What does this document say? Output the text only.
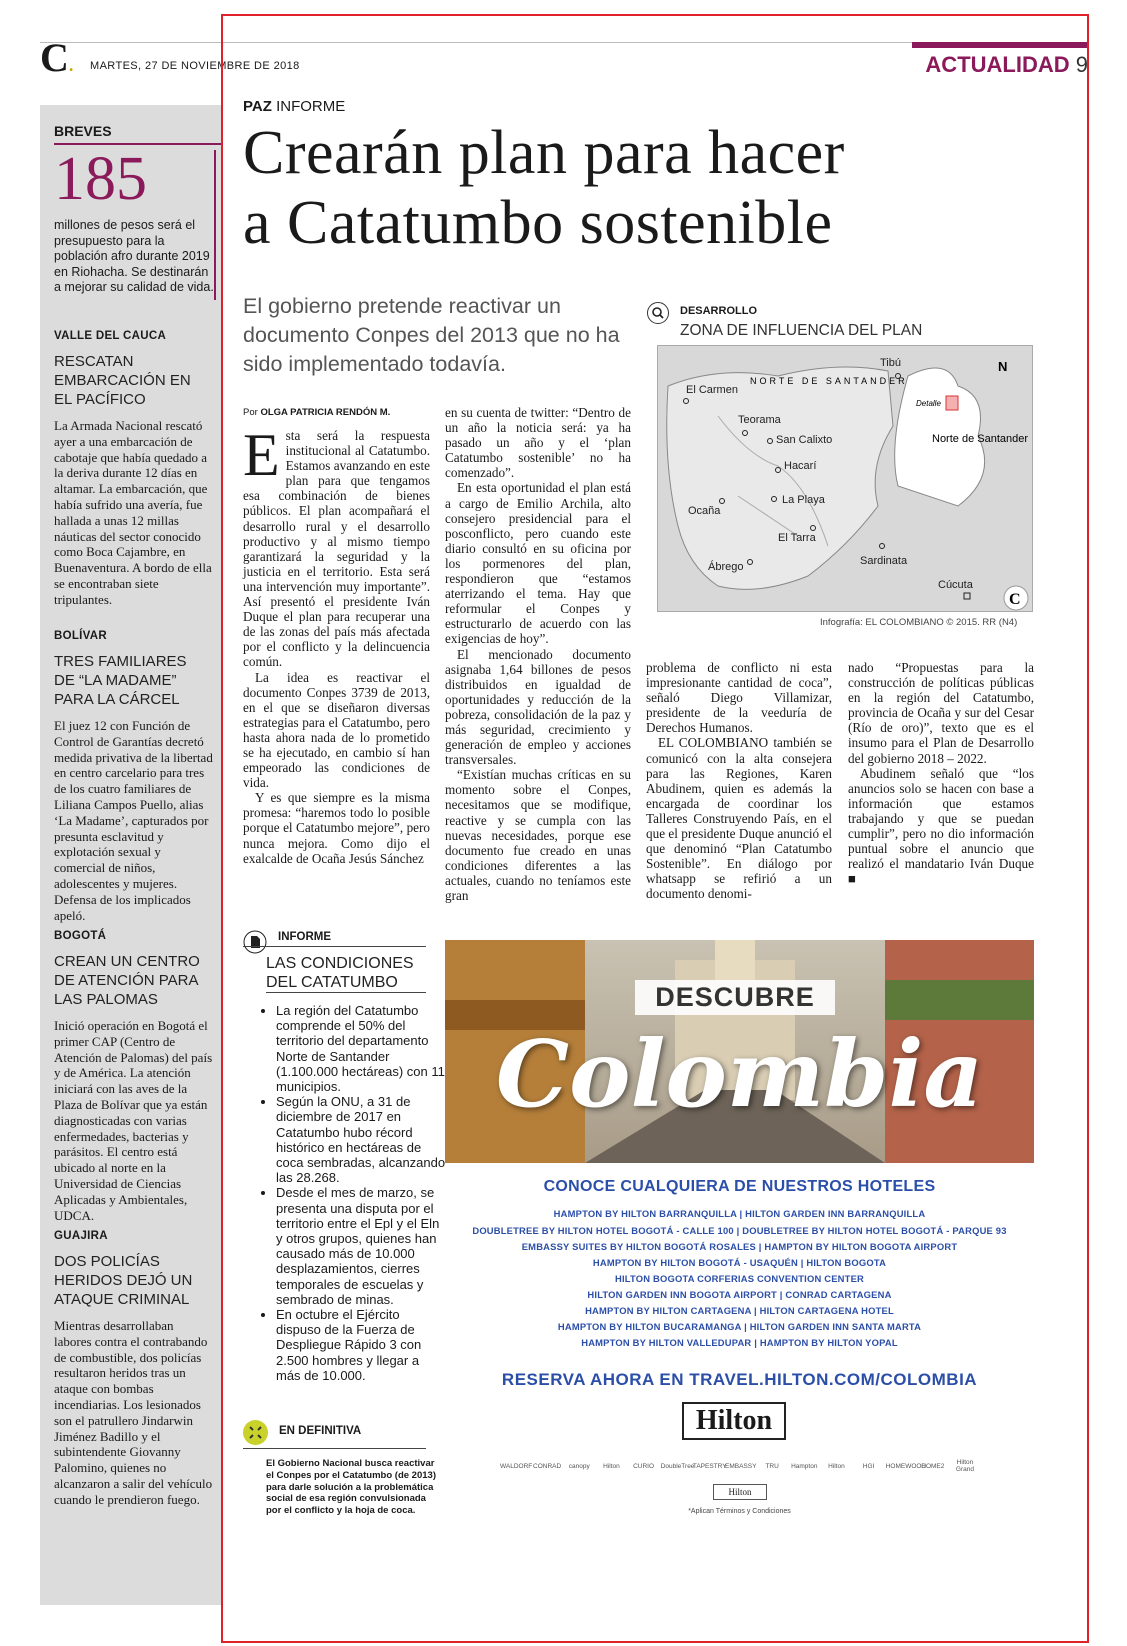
C. MARTES, 27 DE NOVIEMBRE DE 2018	ACTUALIDAD 9
BREVES
185
millones de pesos será el presupuesto para la población afro durante 2019 en Riohacha. Se destinarán a mejorar su calidad de vida.
VALLE DEL CAUCA
RESCATAN EMBARCACIÓN EN EL PACÍFICO
La Armada Nacional rescató ayer a una embarcación de cabotaje que había quedado a la deriva durante 12 días en altamar. La embarcación, que había sufrido una avería, fue hallada a unas 12 millas náuticas del sector conocido como Boca Cajambre, en Buenaventura. A bordo de ella se encontraban siete tripulantes.
BOLÍVAR
TRES FAMILIARES DE “LA MADAME” PARA LA CÁRCEL
El juez 12 con Función de Control de Garantías decretó medida privativa de la libertad en centro carcelario para tres de los cuatro familiares de Liliana Campos Puello, alias ‘La Madame’, capturados por presunta esclavitud y explotación sexual y comercial de niños, adolescentes y mujeres. Defensa de los implicados apeló.
BOGOTÁ
CREAN UN CENTRO DE ATENCIÓN PARA LAS PALOMAS
Inició operación en Bogotá el primer CAP (Centro de Atención de Palomas) del país y de América. La atención iniciará con las aves de la Plaza de Bolívar que ya están diagnosticadas con varias enfermedades, bacterias y parásitos. El centro está ubicado al norte en la Universidad de Ciencias Aplicadas y Ambientales, UDCA.
GUAJIRA
DOS POLICÍAS HERIDOS DEJÓ UN ATAQUE CRIMINAL
Mientras desarrollaban labores contra el contrabando de combustible, dos policías resultaron heridos tras un ataque con bombas incendiarias. Los lesionados son el patrullero Jindarwin Jiménez Badillo y el subintendente Giovanny Palomino, quienes no alcanzaron a salir del vehículo cuando le prendieron fuego.
PAZ INFORME
Crearán plan para hacer
a Catatumbo sostenible
El gobierno pretende reactivar un documento Conpes del 2013 que no ha sido implementado todavía.
Por OLGA PATRICIA RENDÓN M.

Esta será la respuesta institucional al Catatumbo. Estamos avanzando en este plan para que tengamos esa combinación de bienes públicos. El plan acompañará el desarrollo rural y el desarrollo productivo y al mismo tiempo garantizará la seguridad y la justicia en el territorio. Esta será una intervención muy importante”. Así presentó el presidente Iván Duque el plan para recuperar una de las zonas del país más afectada por el conflicto y la delincuencia común.

La idea es reactivar el documento Conpes 3739 de 2013, en el que se diseñaron diversas estrategias para el Catatumbo, pero hasta ahora nada de lo prometido se ha ejecutado, en cambio sí han empeorado las condiciones de vida.

Y es que siempre es la misma promesa: “haremos todo lo posible porque el Catatumbo mejore”, pero nunca mejora. Como dijo el exalcalde de Ocaña Jesús Sánchez

en su cuenta de twitter: “Dentro de un año la noticia será: ya ha pasado un año y el ‘plan Catatumbo sostenible’ no ha comenzado”.

En esta oportunidad el plan está a cargo de Emilio Archila, alto consejero presidencial para el posconflicto, pero cuando este diario consultó en su oficina por los pormenores del plan, respondieron que “estamos aterrizando el tema. Hay que reformular el Conpes y estructurarlo de acuerdo con las exigencias de hoy”.

El mencionado documento asignaba 1,64 billones de pesos distribuidos en igualdad de oportunidades y reducción de la pobreza, consolidación de la paz y más seguridad, crecimiento y generación de empleo y acciones transversales.

“Existían muchas críticas en su momento sobre el Conpes, necesitamos que se modifique, reactive y se cumpla con las nuevas necesidades, porque ese documento fue creado en unas condiciones diferentes a las actuales, cuando no teníamos este gran

problema de conflicto ni esta impresionante cantidad de coca”, señaló Diego Villamizar, presidente de la veeduría de Derechos Humanos.

EL COLOMBIANO también se comunicó con la alta consejera para las Regiones, Karen Abudinem, quien es además la encargada de coordinar los Talleres Construyendo País, en el que el presidente Duque anunció el que denominó “Plan Catatumbo Sostenible”. En diálogo por whatsapp se refirió a un documento denomi-

nado “Propuestas para la construcción de políticas públicas en la región del Catatumbo, provincia de Ocaña y sur del Cesar (Río de oro)”, texto que es el insumo para el Plan de Desarrollo del gobierno 2018 – 2022.

Abudinem señaló que “los anuncios solo se hacen con base a información que estamos trabajando y que se puedan cumplir”, pero no dio información puntual sobre el anuncio que realizó el mandatario Iván Duque ■

DESARROLLO
ZONA DE INFLUENCIA DEL PLAN
N
Detalle
Norte de Santander
NORTE DE SANTANDER
El Carmen
Tibú
Teorama
San Calixto
Hacarí
La Playa
Ocaña
El Tarra
Ábrego	Sardinata
Cúcuta
C
Infografía: EL COLOMBIANO © 2015. RR (N4)
INFORME
LAS CONDICIONES DEL CATATUMBO
• La región del Catatumbo comprende el 50% del territorio del departamento Norte de Santander (1.100.000 hectáreas) con 11 municipios.
• Según la ONU, a 31 de diciembre de 2017 en Catatumbo hubo récord histórico en hectáreas de coca sembradas, alcanzando las 28.268.
• Desde el mes de marzo, se presenta una disputa por el territorio entre el Epl y el Eln y otros grupos, quienes han causado más de 10.000 desplazamientos, cierres temporales de escuelas y sembrado de minas.
• En octubre el Ejército dispuso de la Fuerza de Despliegue Rápido 3 con 2.500 hombres y llegar a más de 10.000.
EN DEFINITIVA
El Gobierno Nacional busca reactivar el Conpes por el Catatumbo (de 2013) para darle solución a la problemática social de esa región convulsionada por el conflicto y la hoja de coca.
DESCUBRE
Colombia
CONOCE CUALQUIERA DE NUESTROS HOTELES
HAMPTON BY HILTON BARRANQUILLA | HILTON GARDEN INN BARRANQUILLA
DOUBLETREE BY HILTON HOTEL BOGOTÁ - CALLE 100 | DOUBLETREE BY HILTON HOTEL BOGOTÁ - PARQUE 93
EMBASSY SUITES BY HILTON BOGOTÁ ROSALES | HAMPTON BY HILTON BOGOTA AIRPORT
HAMPTON BY HILTON BOGOTÁ - USAQUÉN | HILTON BOGOTA
HILTON BOGOTA CORFERIAS CONVENTION CENTER
HILTON GARDEN INN BOGOTA AIRPORT | CONRAD CARTAGENA
HAMPTON BY HILTON CARTAGENA | HILTON CARTAGENA HOTEL
HAMPTON BY HILTON BUCARAMANGA | HILTON GARDEN INN SANTA MARTA
HAMPTON BY HILTON VALLEDUPAR | HAMPTON BY HILTON YOPAL
RESERVA AHORA EN TRAVEL.HILTON.COM/COLOMBIA
Hilton
WALDORF CONRAD	canopy	Hilton	CURIO	DoubleTree
TAPESTRY
EMBASSY	TRU	Hampton	Hilton	HGI	HOMEWOOD
HOME2	Hilton Grand
Hilton
*Aplican Términos y Condiciones
